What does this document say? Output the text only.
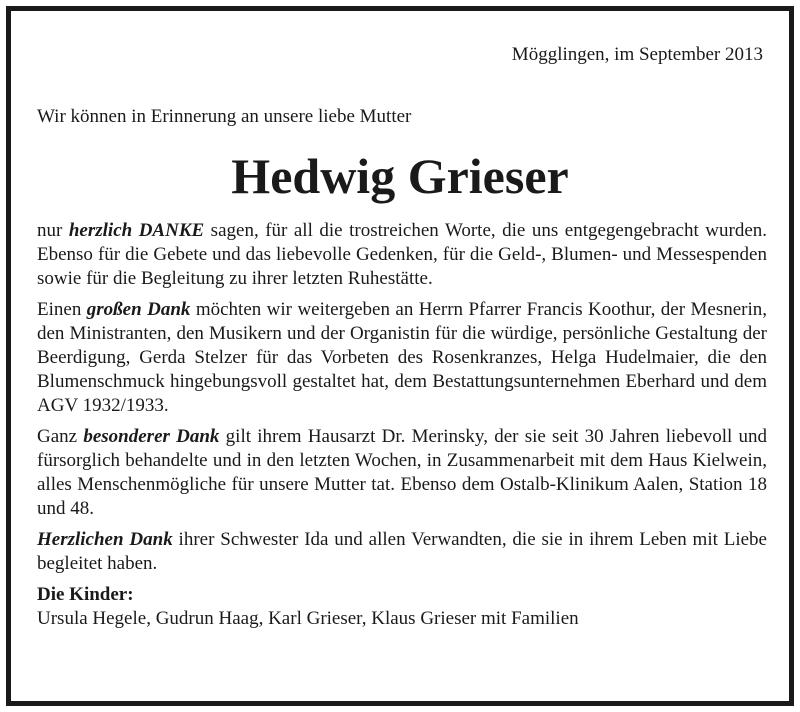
Mögglingen, im September 2013
Wir können in Erinnerung an unsere liebe Mutter
Hedwig Grieser

nur herzlich DANKE sagen, für all die trostreichen Worte, die uns entgegengebracht wurden. Ebenso für die Gebete und das liebevolle Gedenken, für die Geld-, Blumen- und Messespenden sowie für die Begleitung zu ihrer letzten Ruhestätte.

Einen großen Dank möchten wir weitergeben an Herrn Pfarrer Francis Koothur, der Mesnerin, den Ministranten, den Musikern und der Organistin für die würdige, persönliche Gestaltung der Beerdigung, Gerda Stelzer für das Vorbeten des Rosenkranzes, Helga Hudelmaier, die den Blumenschmuck hingebungsvoll gestaltet hat, dem Bestattungsunternehmen Eberhard und dem AGV 1932/1933.

Ganz besonderer Dank gilt ihrem Hausarzt Dr. Merinsky, der sie seit 30 Jahren liebevoll und fürsorglich behandelte und in den letzten Wochen, in Zusammenarbeit mit dem Haus Kielwein, alles Menschenmögliche für unsere Mutter tat. Ebenso dem Ostalb-Klinikum Aalen, Station 18 und 48.

Herzlichen Dank ihrer Schwester Ida und allen Verwandten, die sie in ihrem Leben mit Liebe begleitet haben.

Die Kinder:

Ursula Hegele, Gudrun Haag, Karl Grieser, Klaus Grieser mit Familien
